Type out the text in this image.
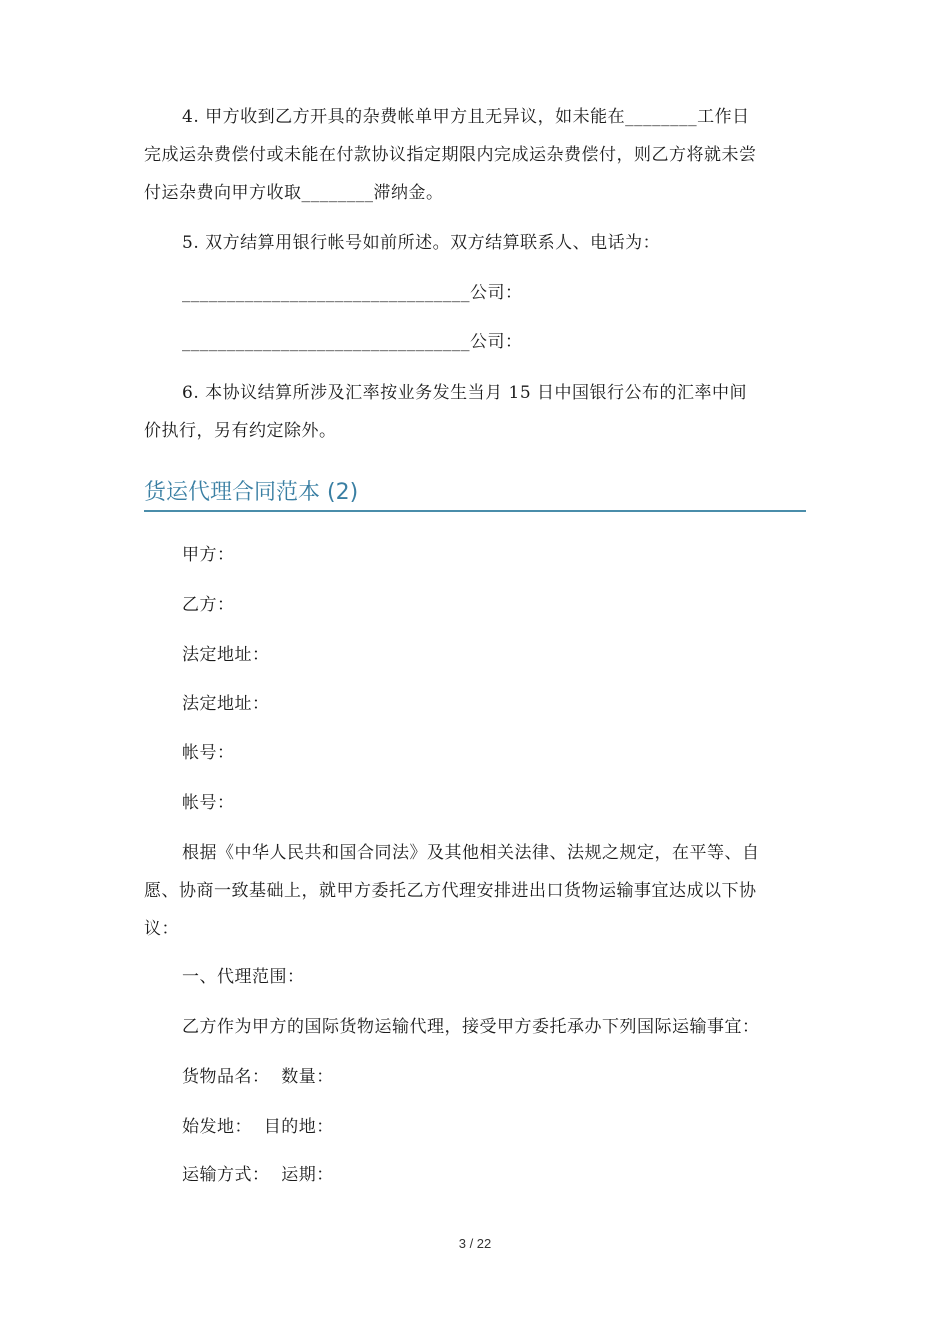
4. 甲方收到乙方开具的杂费帐单甲方且无异议，如未能在________工作日
完成运杂费偿付或未能在付款协议指定期限内完成运杂费偿付，则乙方将就未尝
付运杂费向甲方收取________滞纳金。
5. 双方结算用银行帐号如前所述。双方结算联系人、电话为：
________________________________公司：
________________________________公司：
6. 本协议结算所涉及汇率按业务发生当月 15 日中国银行公布的汇率中间
价执行，另有约定除外。
货运代理合同范本 (2)
甲方：
乙方：
法定地址：
法定地址：
帐号：
帐号：
根据《中华人民共和国合同法》及其他相关法律、法规之规定，在平等、自
愿、协商一致基础上，就甲方委托乙方代理安排进出口货物运输事宜达成以下协
议：
一、代理范围：
乙方作为甲方的国际货物运输代理，接受甲方委托承办下列国际运输事宜：
货物品名：  数量：
始发地：  目的地：
运输方式：  运期：
3 / 22
